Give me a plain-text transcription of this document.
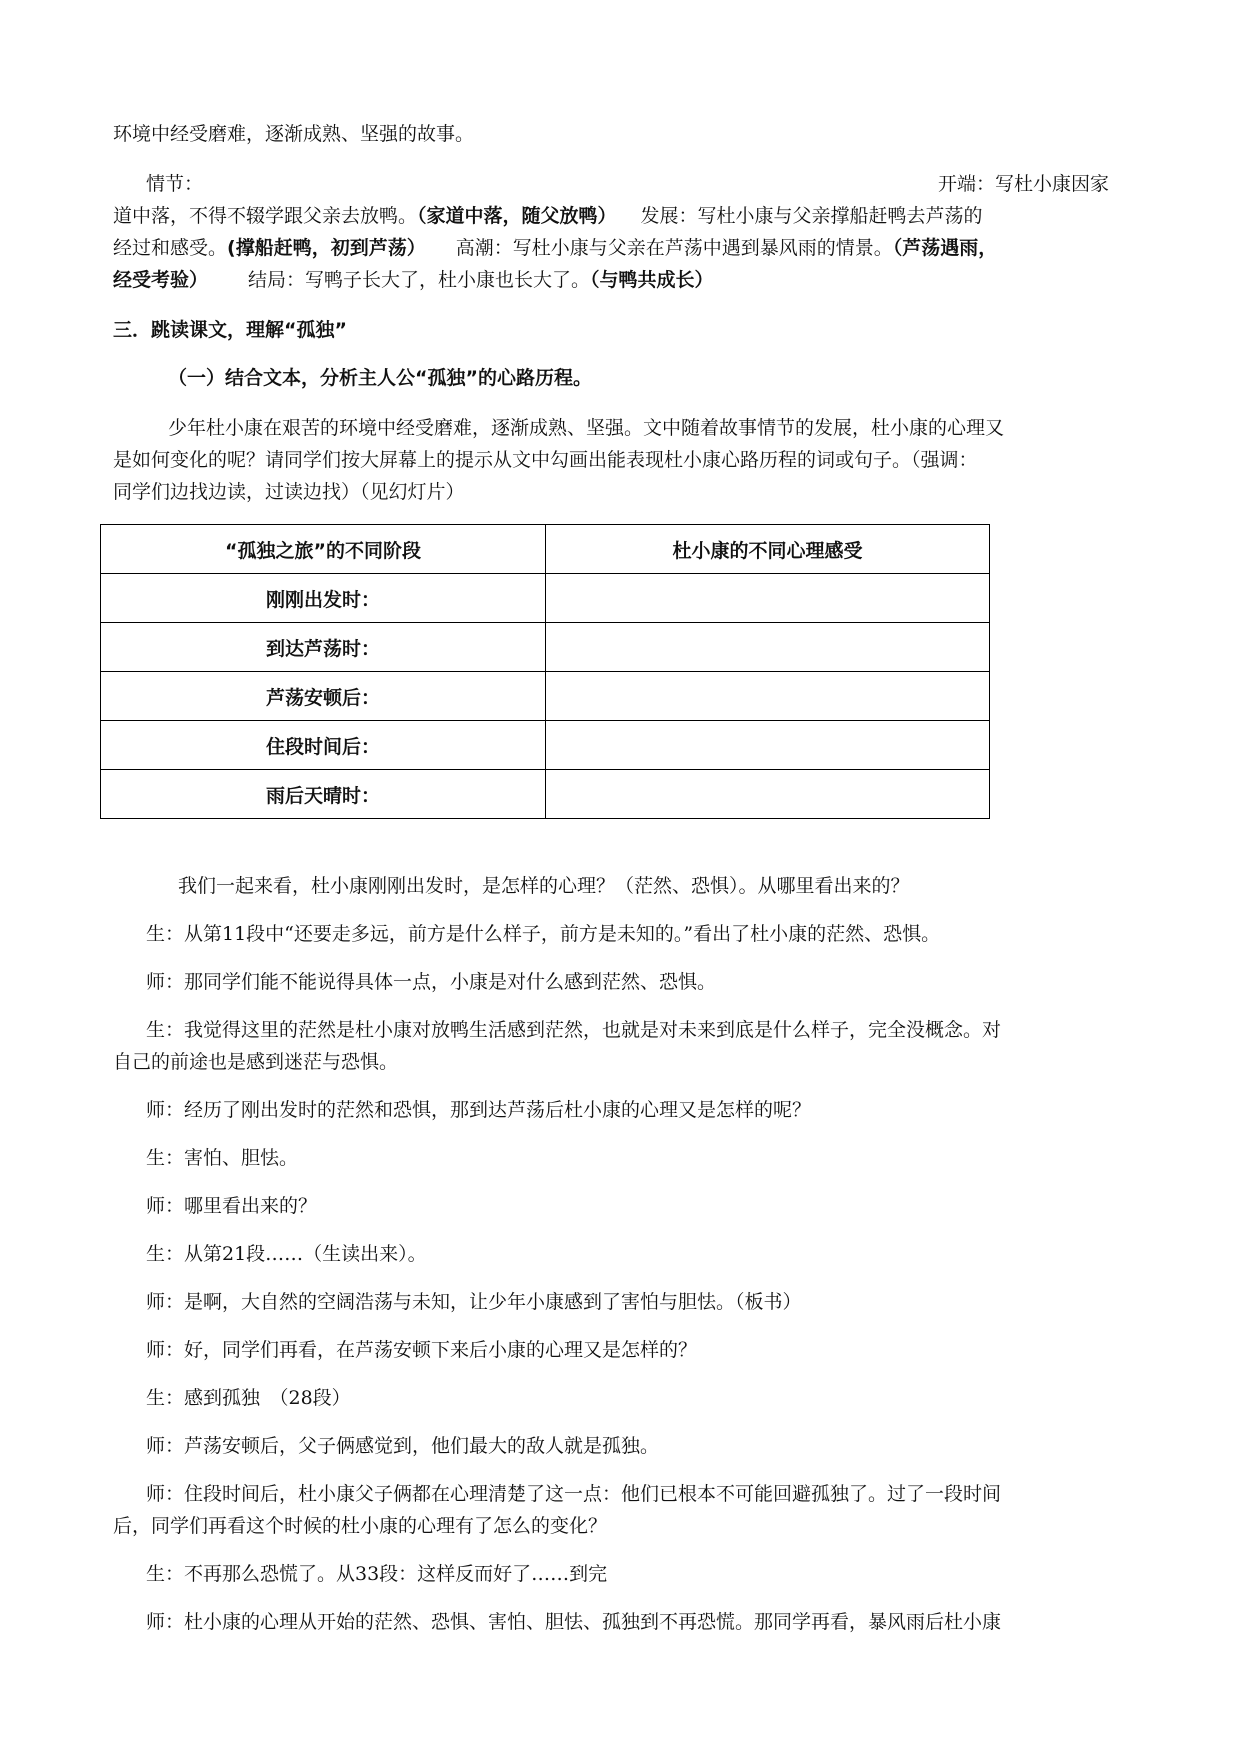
环境中经受磨难，逐渐成熟、坚强的故事。
情节：	开端：写杜小康因家
道中落，不得不辍学跟父亲去放鸭。（家道中落，随父放鸭） 发展：写杜小康与父亲撑船赶鸭去芦荡的
经过和感受。(撑船赶鸭，初到芦荡） 高潮：写杜小康与父亲在芦荡中遇到暴风雨的情景。（芦荡遇雨，
经受考验） 结局：写鸭子长大了，杜小康也长大了。（与鸭共成长）
三．跳读课文，理解“孤独”
（一）结合文本，分析主人公“孤独”的心路历程。
少年杜小康在艰苦的环境中经受磨难，逐渐成熟、坚强。文中随着故事情节的发展，杜小康的心理又
是如何变化的呢？请同学们按大屏幕上的提示从文中勾画出能表现杜小康心路历程的词或句子。（强调：
同学们边找边读，过读边找）（见幻灯片）
“孤独之旅”的不同阶段	杜小康的不同心理感受
刚刚出发时：	
到达芦荡时：	
芦荡安顿后：	
住段时间后：	
雨后天晴时：	
我们一起来看，杜小康刚刚出发时，是怎样的心理？（茫然、恐惧）。从哪里看出来的？
生：从第11段中“还要走多远，前方是什么样子，前方是未知的。”看出了杜小康的茫然、恐惧。
师：那同学们能不能说得具体一点，小康是对什么感到茫然、恐惧。
生：我觉得这里的茫然是杜小康对放鸭生活感到茫然，也就是对未来到底是什么样子，完全没概念。对
自己的前途也是感到迷茫与恐惧。
师：经历了刚出发时的茫然和恐惧，那到达芦荡后杜小康的心理又是怎样的呢？
生：害怕、胆怯。
师：哪里看出来的？
生：从第21段……（生读出来）。
师：是啊，大自然的空阔浩荡与未知，让少年小康感到了害怕与胆怯。（板书）
师：好，同学们再看，在芦荡安顿下来后小康的心理又是怎样的？
生：感到孤独　（28段）
师：芦荡安顿后，父子俩感觉到，他们最大的敌人就是孤独。
师：住段时间后，杜小康父子俩都在心理清楚了这一点：他们已根本不可能回避孤独了。过了一段时间
后，同学们再看这个时候的杜小康的心理有了怎么的变化？
生：不再那么恐慌了。从33段：这样反而好了……到完
师：杜小康的心理从开始的茫然、恐惧、害怕、胆怯、孤独到不再恐慌。那同学再看，暴风雨后杜小康
